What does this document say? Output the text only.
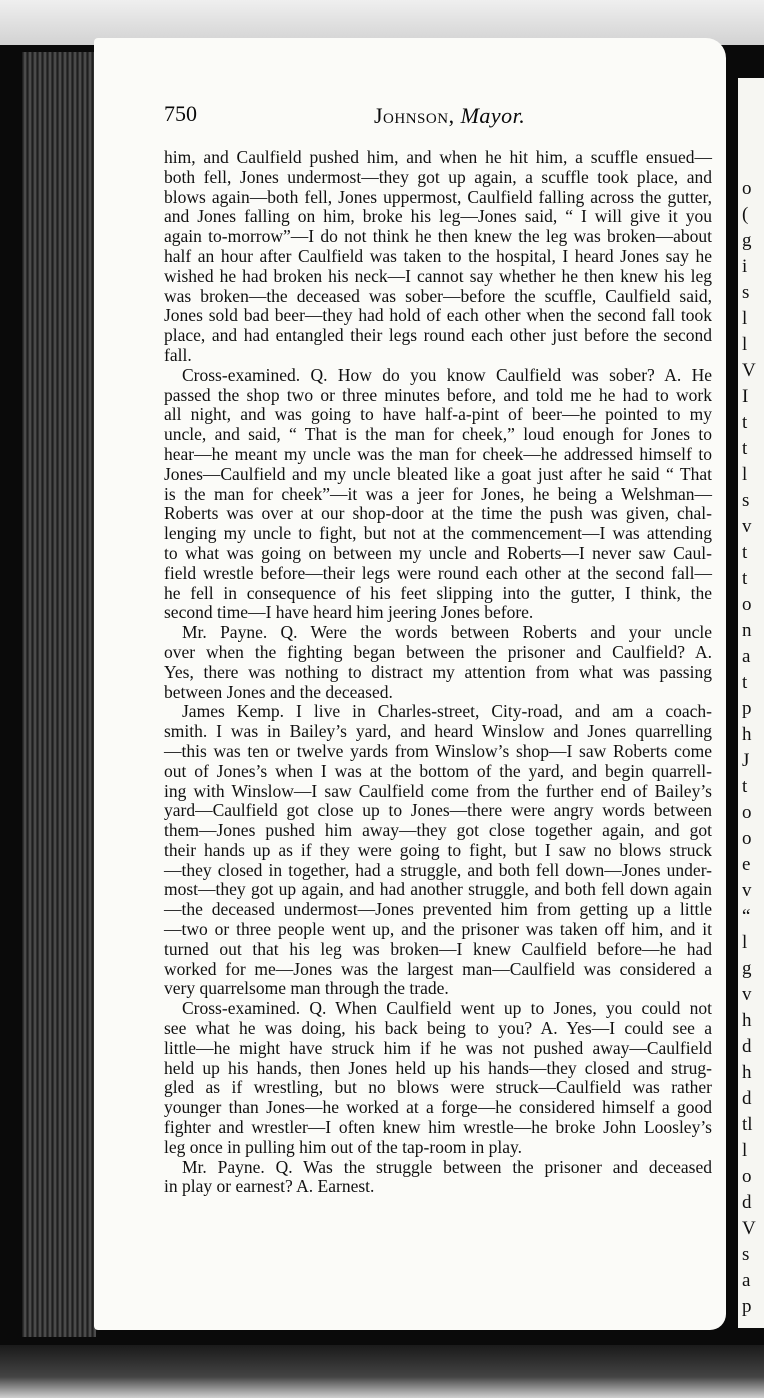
o
(
g
i
s
l
l
V
I
t
t
l
s
v
t
t
o
n
a
t
p
h
J
t
o
o
e
v
“
l
g
v
h
d
h
d
tl
l
o
d
V
s
a
p
750	Johnson, Mayor.
him, and Caulfield pushed him, and when he hit him, a scuffle ensued—
both fell, Jones undermost—they got up again, a scuffle took place, and
blows again—both fell, Jones uppermost, Caulfield falling across the gutter,
and Jones falling on him, broke his leg—Jones said, “ I will give it you
again to-morrow”—I do not think he then knew the leg was broken—about
half an hour after Caulfield was taken to the hospital, I heard Jones say he
wished he had broken his neck—I cannot say whether he then knew his leg
was broken—the deceased was sober—before the scuffle, Caulfield said,
Jones sold bad beer—they had hold of each other when the second fall took
place, and had entangled their legs round each other just before the second
fall.
Cross-examined. Q. How do you know Caulfield was sober? A. He
passed the shop two or three minutes before, and told me he had to work
all night, and was going to have half-a-pint of beer—he pointed to my
uncle, and said, “ That is the man for cheek,” loud enough for Jones to
hear—he meant my uncle was the man for cheek—he addressed himself to
Jones—Caulfield and my uncle bleated like a goat just after he said “ That
is the man for cheek”—it was a jeer for Jones, he being a Welshman—
Roberts was over at our shop-door at the time the push was given, chal-
lenging my uncle to fight, but not at the commencement—I was attending
to what was going on between my uncle and Roberts—I never saw Caul-
field wrestle before—their legs were round each other at the second fall—
he fell in consequence of his feet slipping into the gutter, I think, the
second time—I have heard him jeering Jones before.
Mr. Payne. Q. Were the words between Roberts and your uncle
over when the fighting began between the prisoner and Caulfield? A.
Yes, there was nothing to distract my attention from what was passing
between Jones and the deceased.
James Kemp. I live in Charles-street, City-road, and am a coach-
smith. I was in Bailey’s yard, and heard Winslow and Jones quarrelling
—this was ten or twelve yards from Winslow’s shop—I saw Roberts come
out of Jones’s when I was at the bottom of the yard, and begin quarrell-
ing with Winslow—I saw Caulfield come from the further end of Bailey’s
yard—Caulfield got close up to Jones—there were angry words between
them—Jones pushed him away—they got close together again, and got
their hands up as if they were going to fight, but I saw no blows struck
—they closed in together, had a struggle, and both fell down—Jones under-
most—they got up again, and had another struggle, and both fell down again
—the deceased undermost—Jones prevented him from getting up a little
—two or three people went up, and the prisoner was taken off him, and it
turned out that his leg was broken—I knew Caulfield before—he had
worked for me—Jones was the largest man—Caulfield was considered a
very quarrelsome man through the trade.
Cross-examined. Q. When Caulfield went up to Jones, you could not
see what he was doing, his back being to you? A. Yes—I could see a
little—he might have struck him if he was not pushed away—Caulfield
held up his hands, then Jones held up his hands—they closed and strug-
gled as if wrestling, but no blows were struck—Caulfield was rather
younger than Jones—he worked at a forge—he considered himself a good
fighter and wrestler—I often knew him wrestle—he broke John Loosley’s
leg once in pulling him out of the tap-room in play.
Mr. Payne. Q. Was the struggle between the prisoner and deceased
in play or earnest? A. Earnest.
